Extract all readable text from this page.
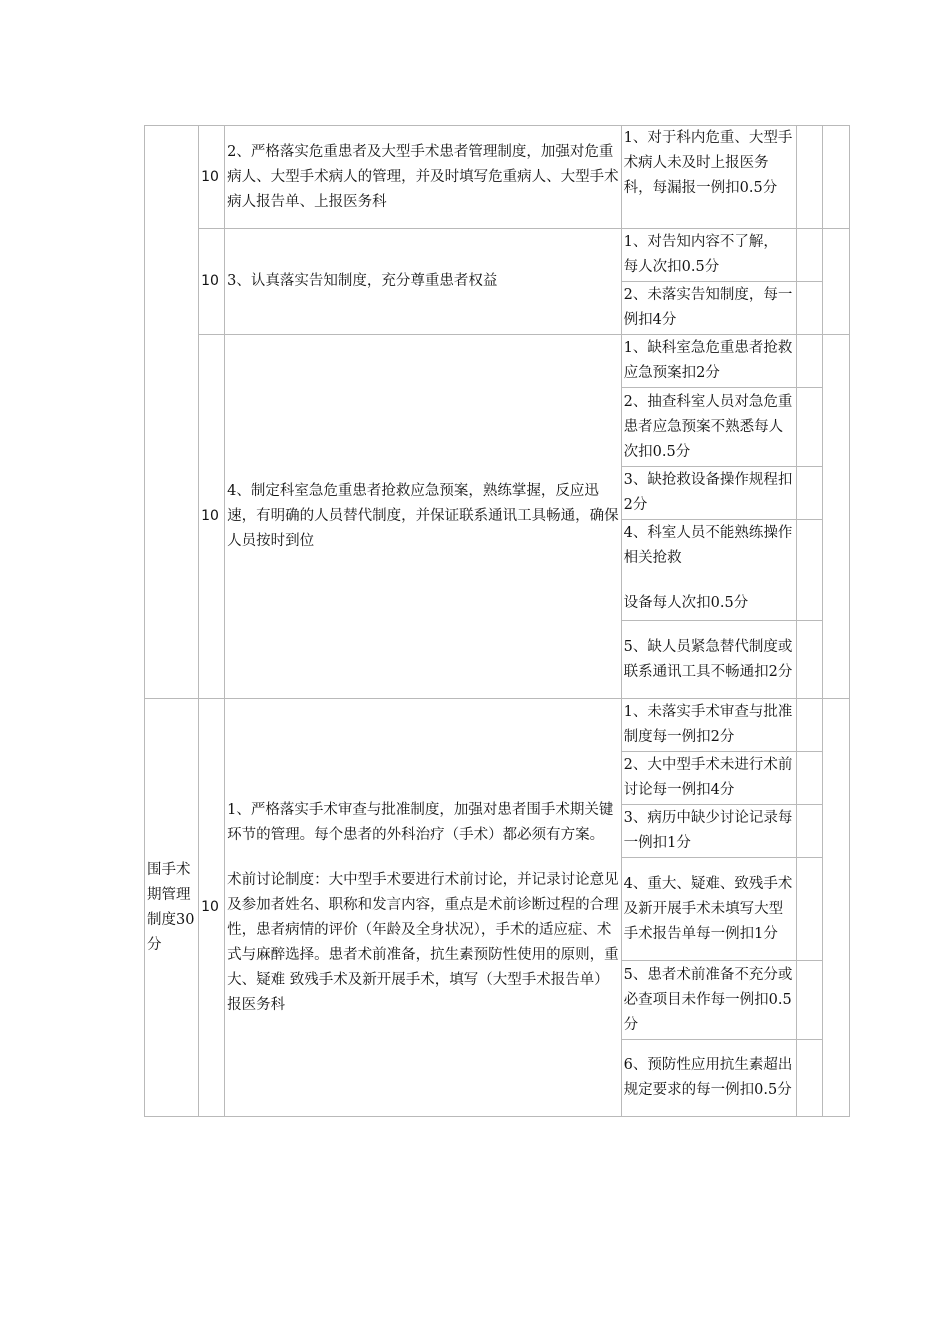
	10	2、严格落实危重患者及大型手术患者管理制度，加强对危重病人、大型手术病人的管理，并及时填写危重病人、大型手术病人报告单、上报医务科	1、对于科内危重、大型手术病人未及时上报医务科，每漏报一例扣0.5分		
	10	3、认真落实告知制度，充分尊重患者权益	1、对告知内容不了解， 每人次扣0.5分		
			2、未落实告知制度，每一例扣4分		
	10	4、制定科室急危重患者抢救应急预案，熟练掌握，反应迅速，有明确的人员替代制度，并保证联系通讯工具畅通，确保人员按时到位	1、缺科室急危重患者抢救应急预案扣2分		
			2、抽查科室人员对急危重患者应急预案不熟悉每人次扣0.5分		
			3、缺抢救设备操作规程扣2分		
			4、科室人员不能熟练操作相关抢救
设备每人次扣0.5分		
			5、缺人员紧急替代制度或联系通讯工具不畅通扣2分		
围手术期管理制度30分	10	1、严格落实手术审查与批准制度，加强对患者围手术期关键环节的管理。每个患者的外科治疗（手术）都必须有方案。
术前讨论制度：大中型手术要进行术前讨论，并记录讨论意见及参加者姓名、职称和发言内容，重点是术前诊断过程的合理性，患者病情的评价（年龄及全身状况），手术的适应症、术式与麻醉选择。患者术前准备，抗生素预防性使用的原则，重大、疑难 致残手术及新开展手术，填写（大型手术报告单）报医务科	1、未落实手术审查与批准制度每一例扣2分		
			2、大中型手术未进行术前讨论每一例扣4分		
			3、病历中缺少讨论记录每一例扣1分		
			4、重大、疑难、致残手术及新开展手术未填写大型手术报告单每一例扣1分		
			5、患者术前准备不充分或必查项目未作每一例扣0.5分		
			6、预防性应用抗生素超出规定要求的每一例扣0.5分		
